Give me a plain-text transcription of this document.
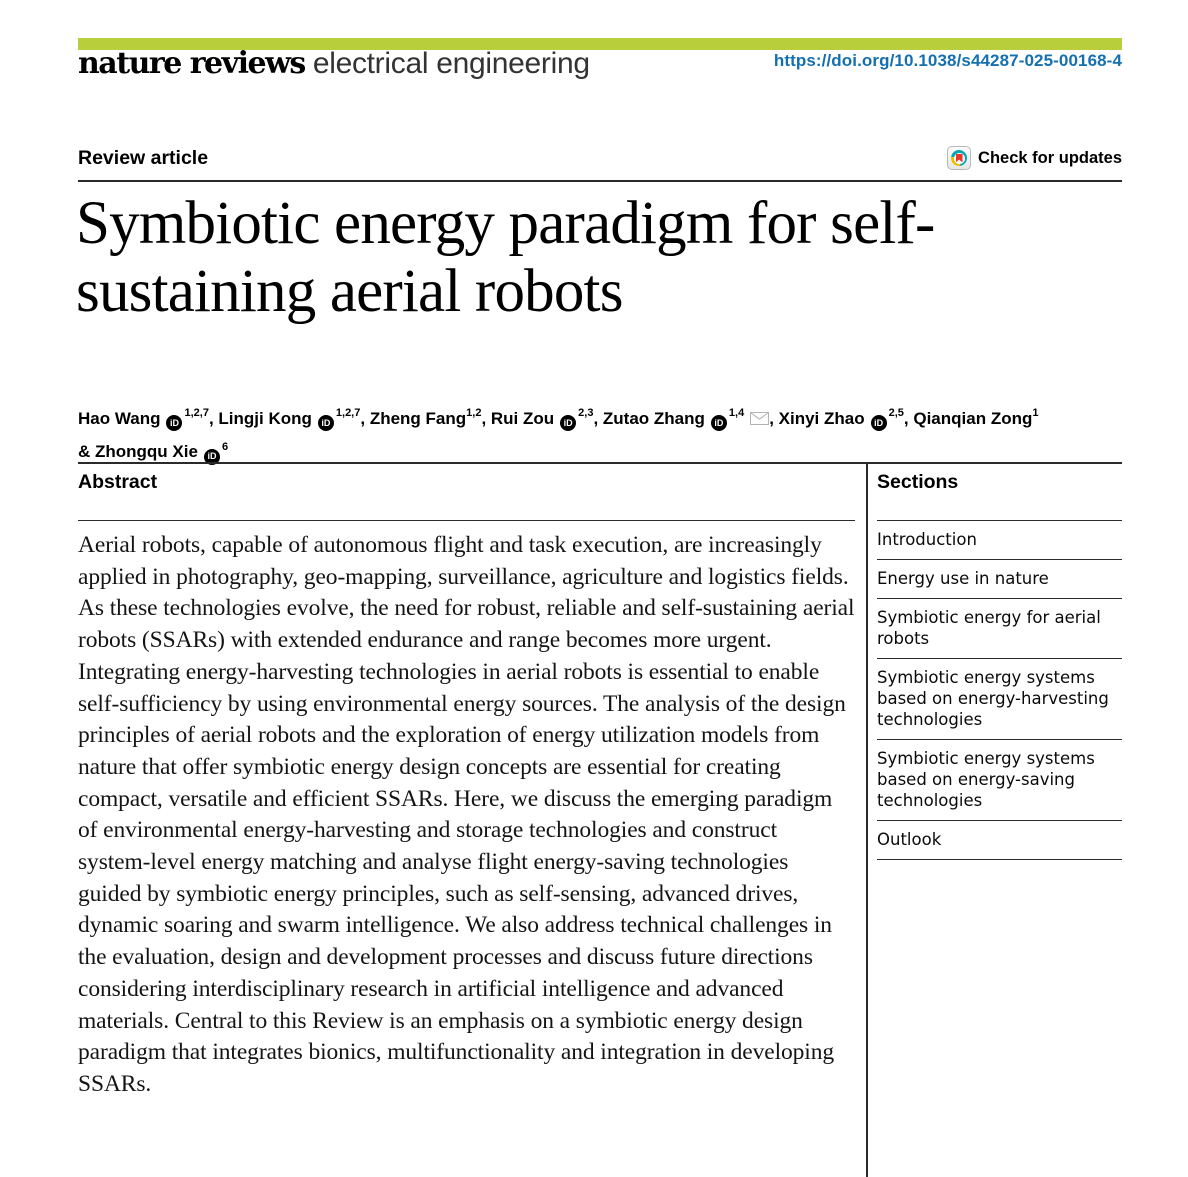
nature reviews electrical engineering	https://doi.org/10.1038/s44287-025-00168-4
Review article	Check for updates
Symbiotic energy paradigm for self-sustaining aerial robots
Hao Wang iD$^{1,2,7}$, Lingji Kong iD$^{1,2,7}$, Zheng Fang$^{1,2}$, Rui Zou iD$^{2,3}$, Zutao Zhang iD$^{1,4}$ , Xinyi Zhao iD$^{2,5}$, Qianqian Zong$^1$
& Zhongqu Xie $iD^6$
Abstract

Aerial robots, capable of autonomous flight and task execution, are increasingly applied in photography, geo-mapping, surveillance, agriculture and logistics fields. As these technologies evolve, the need for robust, reliable and self-sustaining aerial robots (SSARs) with extended endurance and range becomes more urgent. Integrating energy-harvesting technologies in aerial robots is essential to enable self-sufficiency by using environmental energy sources. The analysis of the design principles of aerial robots and the exploration of energy utilization models from nature that offer symbiotic energy design concepts are essential for creating compact, versatile and efficient SSARs. Here, we discuss the emerging paradigm of environmental energy-harvesting and storage technologies and construct system-level energy matching and analyse flight energy-saving technologies guided by symbiotic energy principles, such as self-sensing, advanced drives, dynamic soaring and swarm intelligence. We also address technical challenges in the evaluation, design and development processes and discuss future directions considering interdisciplinary research in artificial intelligence and advanced materials. Central to this Review is an emphasis on a symbiotic energy design paradigm that integrates bionics, multifunctionality and integration in developing SSARs.

Sections
Introduction
Energy use in nature
Symbiotic energy for aerial robots
Symbiotic energy systems based on energy-harvesting technologies
Symbiotic energy systems based on energy-saving technologies
Outlook
